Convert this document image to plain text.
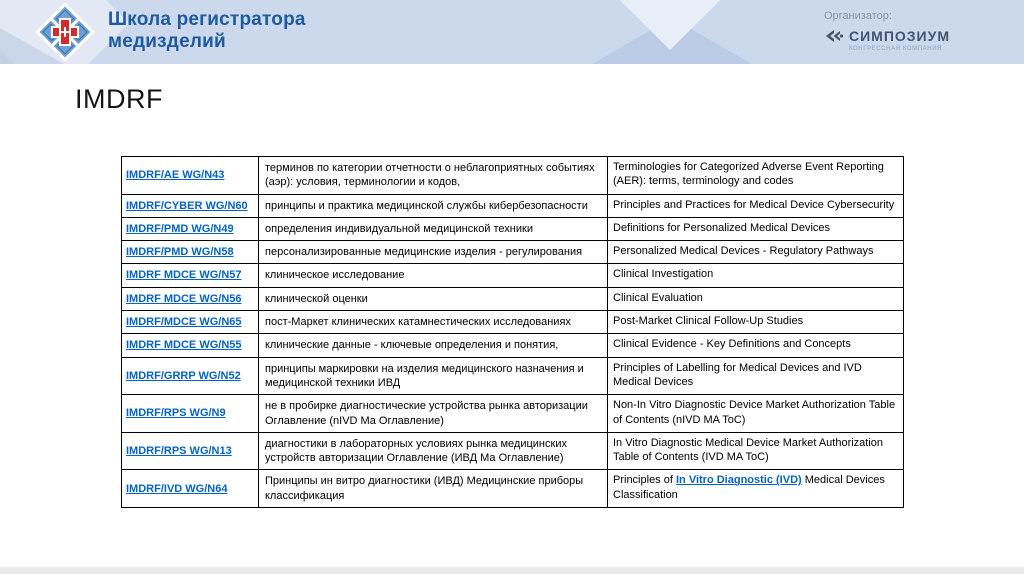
Школа регистратора
медизделий
Организатор:
СИМПОЗИУМ
КОНГРЕССНАЯ КОМПАНИЯ
IMDRF
IMDRF/AE WG/N43	терминов по категории отчетности о неблагоприятных событиях (аэр): условия, терминологии и кодов,	Terminologies for Categorized Adverse Event Reporting (AER): terms, terminology and codes
IMDRF/CYBER WG/N60	принципы и практика медицинской службы кибербезопасности	Principles and Practices for Medical Device Cybersecurity
IMDRF/PMD WG/N49	определения индивидуальной медицинской техники	Definitions for Personalized Medical Devices
IMDRF/PMD WG/N58	персонализированные медицинские изделия - регулирования	Personalized Medical Devices - Regulatory Pathways
IMDRF MDCE WG/N57	клиническое исследование	Clinical Investigation
IMDRF MDCE WG/N56	клинической оценки	Clinical Evaluation
IMDRF/MDCE WG/N65	пост-Маркет клинических катамнестических исследованиях	Post-Market Clinical Follow-Up Studies
IMDRF MDCE WG/N55	клинические данные - ключевые определения и понятия,	Clinical Evidence - Key Definitions and Concepts
IMDRF/GRRP WG/N52	принципы маркировки на изделия медицинского назначения и медицинской техники ИВД	Principles of Labelling for Medical Devices and IVD Medical Devices
IMDRF/RPS WG/N9	не в пробирке диагностические устройства рынка авторизации Оглавление (nIVD Ma Оглавление)	Non-In Vitro Diagnostic Device Market Authorization Table of Contents (nIVD MA ToC)
IMDRF/RPS WG/N13	диагностики в лабораторных условиях рынка медицинских устройств авторизации Оглавление (ИВД Ма Оглавление)	In Vitro Diagnostic Medical Device Market Authorization Table of Contents (IVD MA ToC)
IMDRF/IVD WG/N64	Принципы ин витро диагностики (ИВД) Медицинские приборы классификация	Principles of In Vitro Diagnostic (IVD) Medical Devices Classification
